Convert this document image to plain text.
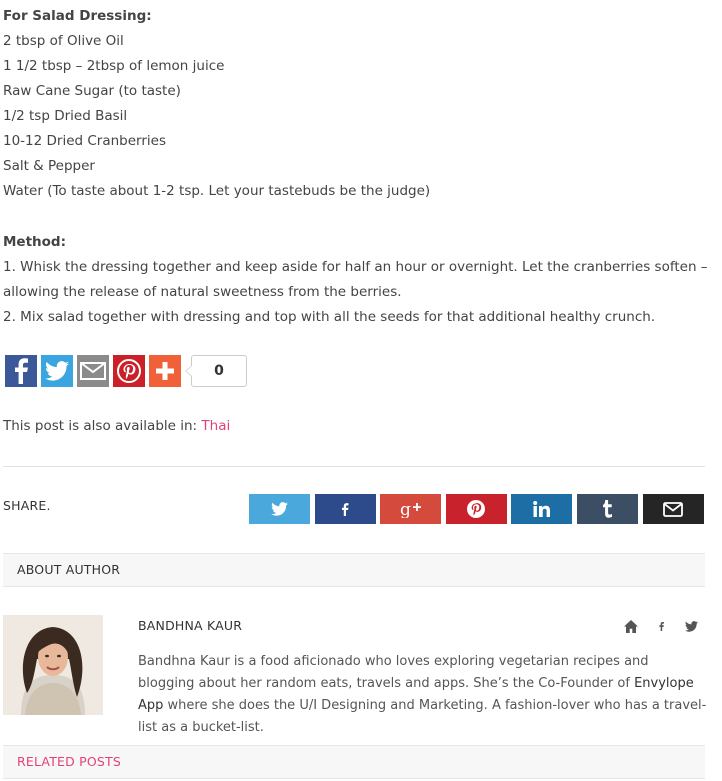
For Salad Dressing:
2 tbsp of Olive Oil
1 1/2 tbsp – 2tbsp of lemon juice
Raw Cane Sugar (to taste)
1/2 tsp Dried Basil
10-12 Dried Cranberries
Salt & Pepper
Water (To taste about 1-2 tsp. Let your tastebuds be the judge)
Method:
1. Whisk the dressing together and keep aside for half an hour or overnight. Let the cranberries soften –
allowing the release of natural sweetness from the berries.
2. Mix salad together with dressing and top with all the seeds for that additional healthy crunch.
0
This post is also available in: Thai
SHARE.	g
ABOUT AUTHOR
BANDHNA KAUR
Bandhna Kaur is a food aficionado who loves exploring vegetarian recipes and blogging about her random eats, travels and apps. She’s the Co-Founder of Envylope App where she does the U/I Designing and Marketing. A fashion-lover who has a travel-list as a bucket-list.
RELATED POSTS
